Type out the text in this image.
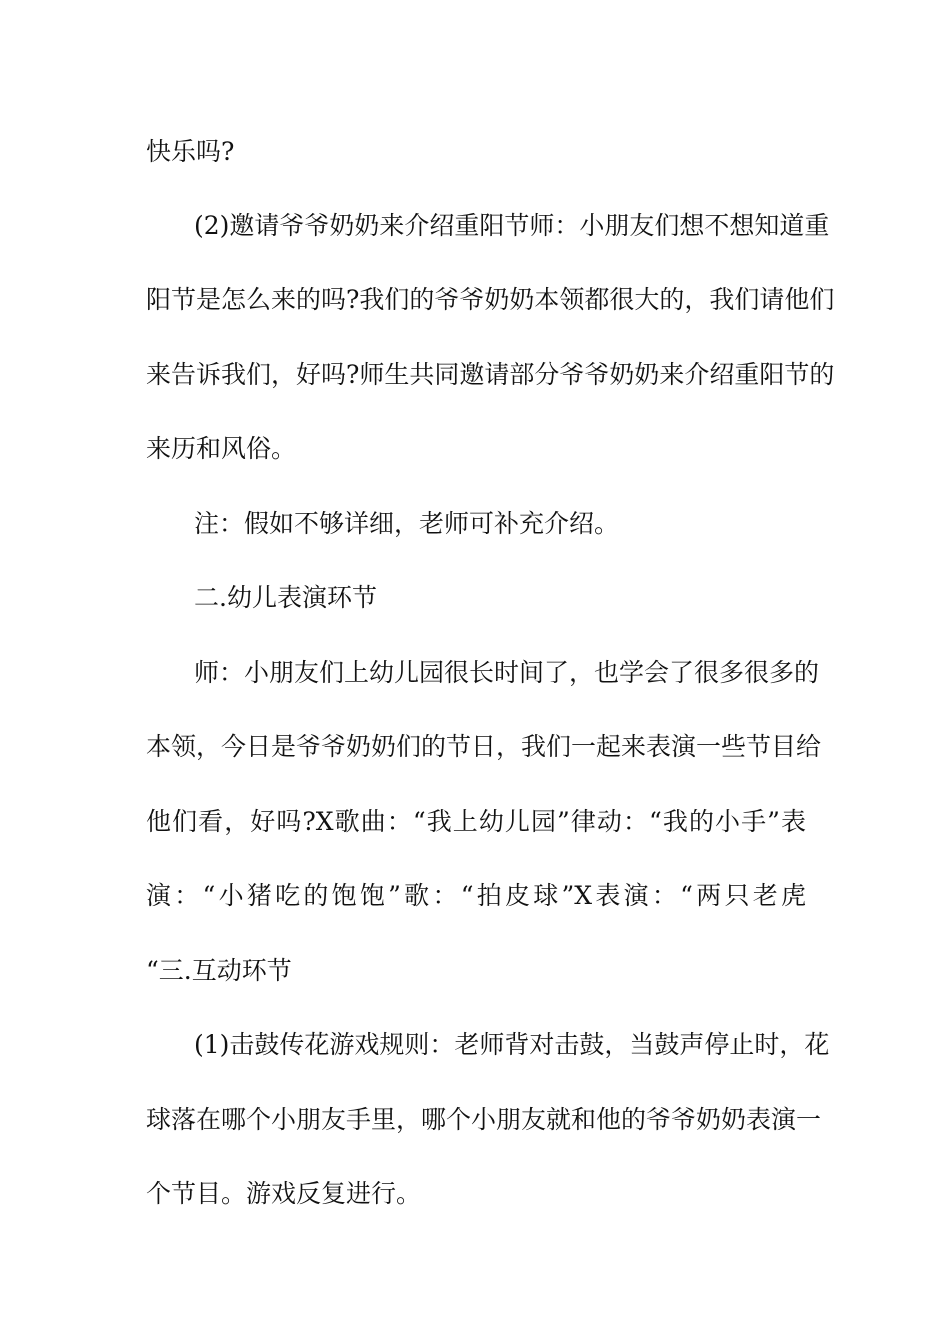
快乐吗?

(2)邀请爷爷奶奶来介绍重阳节师：小朋友们想不想知道重

阳节是怎么来的吗?我们的爷爷奶奶本领都很大的，我们请他们

来告诉我们，好吗?师生共同邀请部分爷爷奶奶来介绍重阳节的

来历和风俗。

注：假如不够详细，老师可补充介绍。

二.幼儿表演环节

师：小朋友们上幼儿园很长时间了，也学会了很多很多的

本领，今日是爷爷奶奶们的节日，我们一起来表演一些节目给

他们看，好吗?X歌曲：“我上幼儿园”律动：“我的小手”表

演：“小猪吃的饱饱”歌：“拍皮球”X表演：“两只老虎

“三.互动环节

(1)击鼓传花游戏规则：老师背对击鼓，当鼓声停止时，花

球落在哪个小朋友手里，哪个小朋友就和他的爷爷奶奶表演一

个节目。游戏反复进行。
